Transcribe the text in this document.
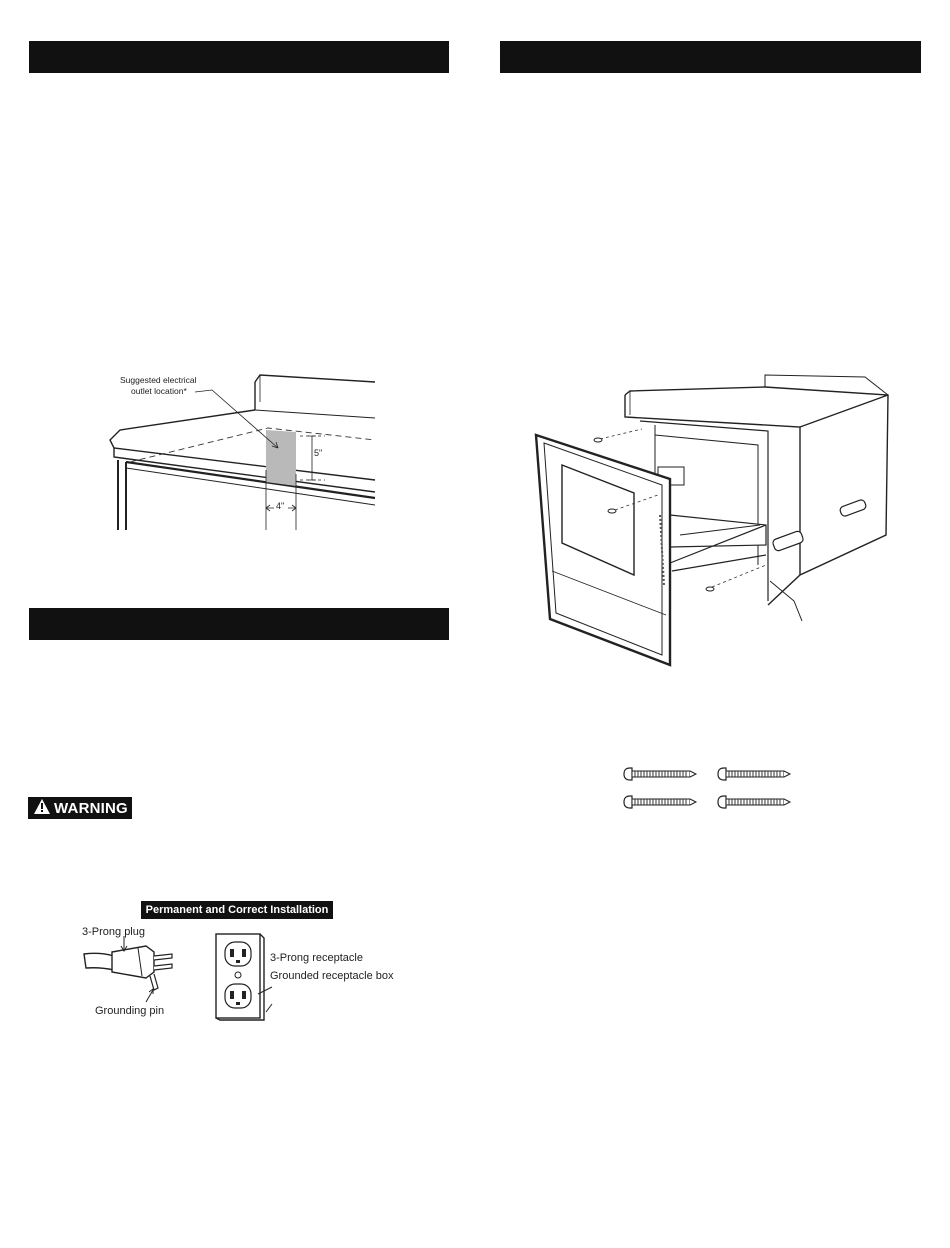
Suggested electrical
outlet location*
5"
4"
WARNING
Permanent and Correct Installation
3-Prong plug
Grounding pin
3-Prong receptacle
Grounded receptacle box
